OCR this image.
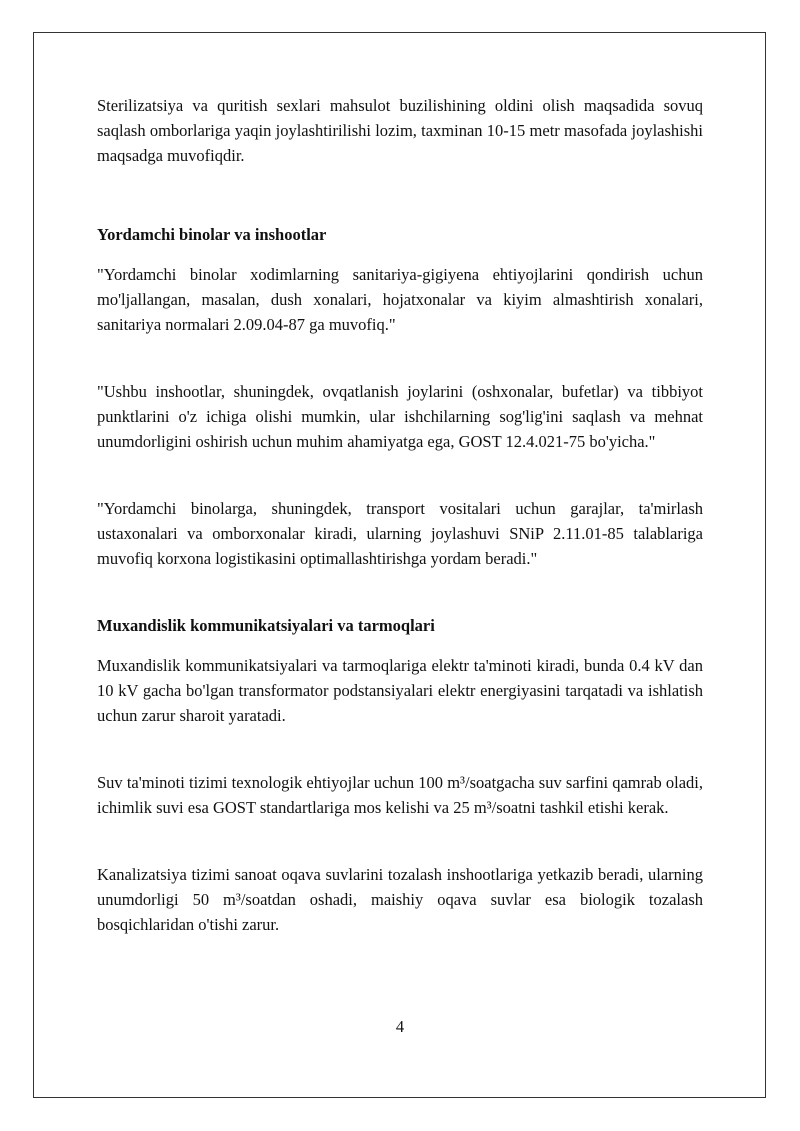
Sterilizatsiya va quritish sexlari mahsulot buzilishining oldini olish maqsadida sovuq saqlash omborlariga yaqin joylashtirilishi lozim, taxminan 10-15 metr masofada joylashishi maqsadga muvofiqdir.

Yordamchi binolar va inshootlar

"Yordamchi binolar xodimlarning sanitariya-gigiyena ehtiyojlarini qondirish uchun mo'ljallangan, masalan, dush xonalari, hojatxonalar va kiyim almashtirish xonalari, sanitariya normalari 2.09.04-87 ga muvofiq."

"Ushbu inshootlar, shuningdek, ovqatlanish joylarini (oshxonalar, bufetlar) va tibbiyot punktlarini o'z ichiga olishi mumkin, ular ishchilarning sog'lig'ini saqlash va mehnat unumdorligini oshirish uchun muhim ahamiyatga ega, GOST 12.4.021-75 bo'yicha."

"Yordamchi binolarga, shuningdek, transport vositalari uchun garajlar, ta'mirlash ustaxonalari va omborxonalar kiradi, ularning joylashuvi SNiP 2.11.01-85 talablariga muvofiq korxona logistikasini optimallashtirishga yordam beradi."

Muxandislik kommunikatsiyalari va tarmoqlari

Muxandislik kommunikatsiyalari va tarmoqlariga elektr ta'minoti kiradi, bunda 0.4 kV dan 10 kV gacha bo'lgan transformator podstansiyalari elektr energiyasini tarqatadi va ishlatish uchun zarur sharoit yaratadi.

Suv ta'minoti tizimi texnologik ehtiyojlar uchun 100 m³/soatgacha suv sarfini qamrab oladi, ichimlik suvi esa GOST standartlariga mos kelishi va 25 m³/soatni tashkil etishi kerak.

Kanalizatsiya tizimi sanoat oqava suvlarini tozalash inshootlariga yetkazib beradi, ularning unumdorligi 50 m³/soatdan oshadi, maishiy oqava suvlar esa biologik tozalash bosqichlaridan o'tishi zarur.

4
